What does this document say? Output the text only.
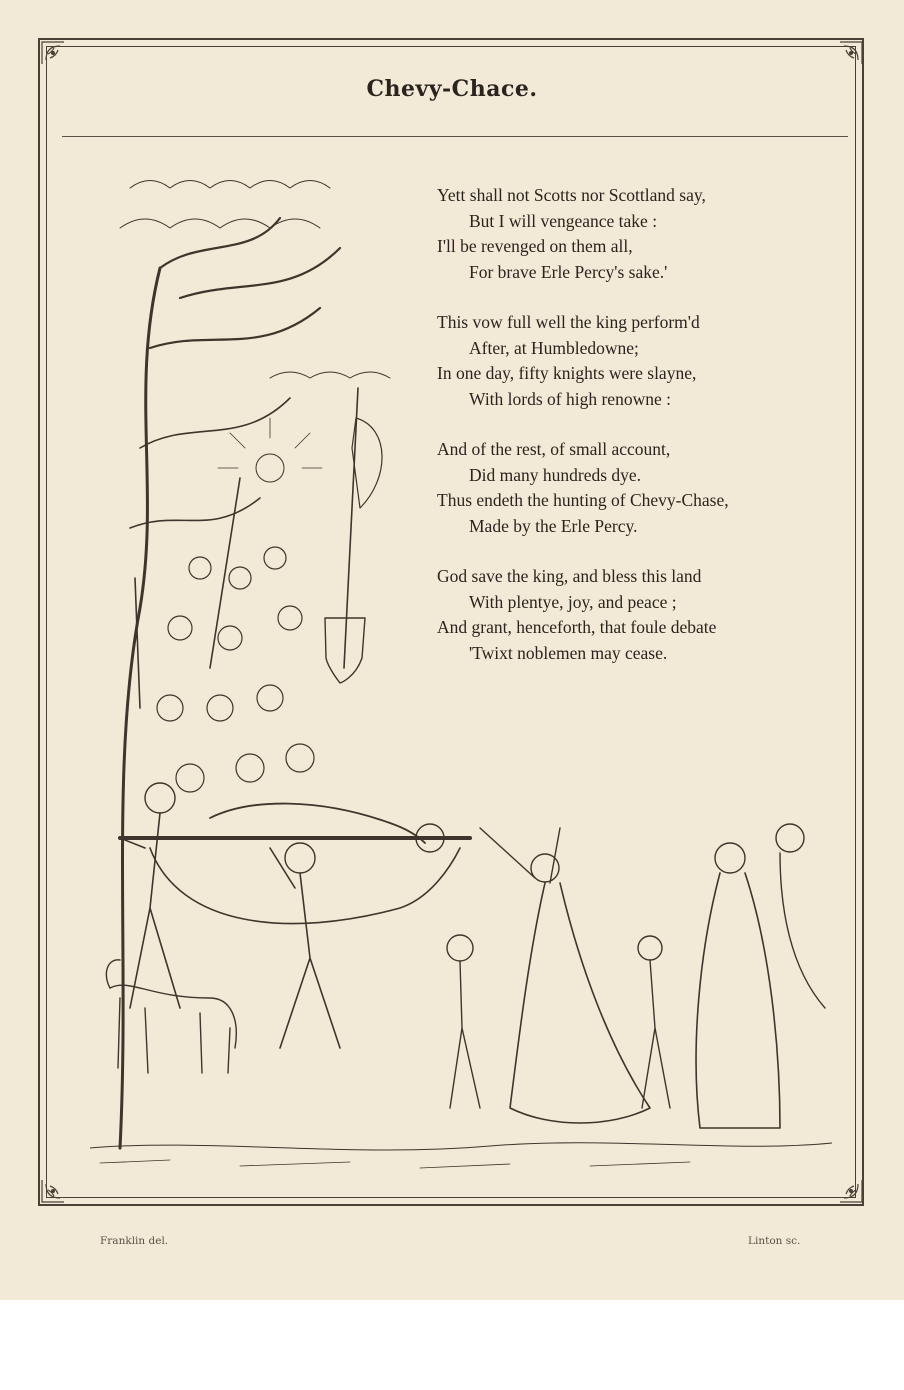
Chevy-Chace.
Yett shall not Scotts nor Scottland say,
But I will vengeance take :
I'll be revenged on them all,
For brave Erle Percy's sake.'
This vow full well the king perform'd
After, at Humbledowne;
In one day, fifty knights were slayne,
With lords of high renowne :
And of the rest, of small account,
Did many hundreds dye.
Thus endeth the hunting of Chevy-Chase,
Made by the Erle Percy.
God save the king, and bless this land
With plentye, joy, and peace ;
And grant, henceforth, that foule debate
'Twixt noblemen may cease.
Franklin del.	Linton sc.
